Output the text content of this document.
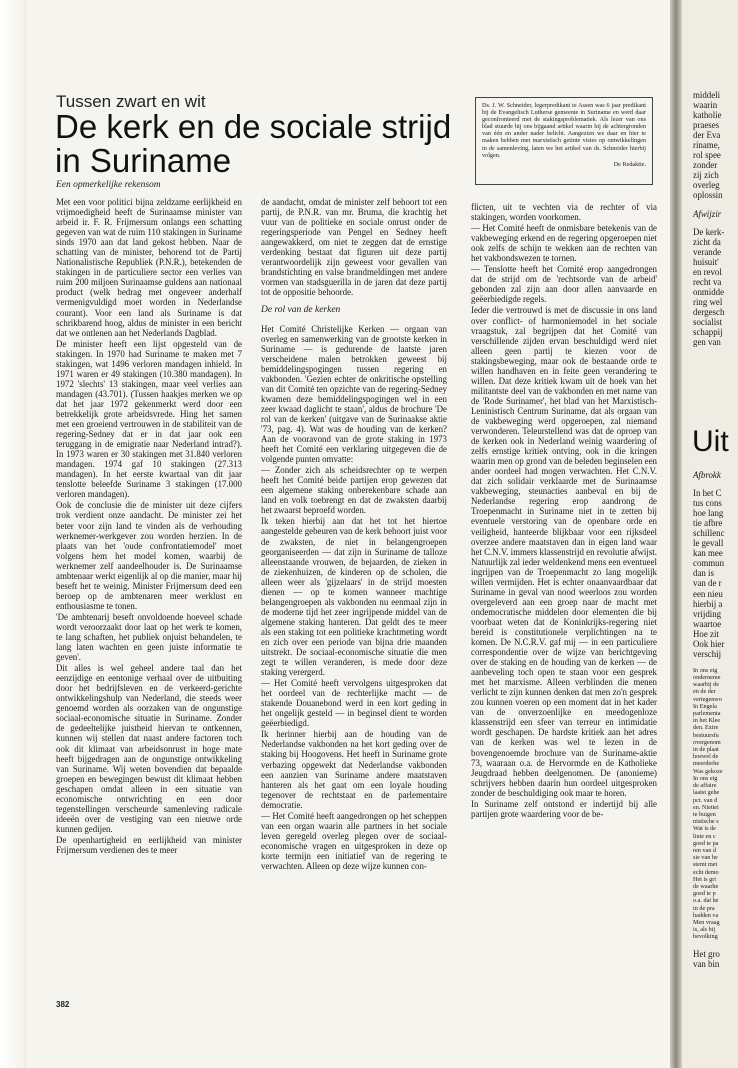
Tussen zwart en wit
De kerk en de sociale strijd
in Suriname
Een opmerkelijke rekensom
Ds. J. W. Schneider, legerpredikant te Assen was 6 jaar predikant bij de Evangelisch Lutherse gemeente in Suriname en werd daar geconfronteerd met de stakingsproblematiek. Als lezer van ons blad stuurde hij ons bijgaand artikel waarin hij de achtergronden van één en ander nader belicht. Aangezien we daar en hier te maken hebben met marxistisch getinte visies op ontwikkelingen in de samenleving, laten we het artikel van ds. Schneider hierbij volgen.
De Redaktie.

Met een voor politici bijna zeldzame eerlijkheid en vrijmoedigheid heeft de Surinaamse minister van arbeid ir. F. R. Frijmersum onlangs een schatting gegeven van wat de ruim 110 stakingen in Suriname sinds 1970 aan dat land gekost hebben. Naar de schatting van de minister, behorend tot de Partij Nationalistische Republiek (P.N.R.), betekenden de stakingen in de particuliere sector een verlies van ruim 200 miljoen Surinaamse guldens aan nationaal product (welk bedrag met ongeveer anderhalf vermenigvuldigd moet worden in Nederlandse courant). Voor een land als Suriname is dat schrikbarend hoog, aldus de minister in een bericht dat we ontlenen aan het Nederlands Dagblad.

De minister heeft een lijst opgesteld van de stakingen. In 1970 had Suriname te maken met 7 stakingen, wat 1496 verloren mandagen inhield. In 1971 waren er 49 stakingen (10.380 mandagen). In 1972 'slechts' 13 stakingen, maar veel verlies aan mandagen (43.701). (Tussen haakjes merken we op dat het jaar 1972 gekenmerkt werd door een betrekkelijk grote arbeidsvrede. Hing het samen met een groeiend vertrouwen in de stabiliteit van de regering-Sedney dat er in dat jaar ook een teruggang in de emigratie naar Nederland intrad?). In 1973 waren er 30 stakingen met 31.840 verloren mandagen. 1974 gaf 10 stakingen (27.313 mandagen). In het eerste kwartaal van dit jaar tenslotte beleefde Suriname 3 stakingen (17.000 verloren mandagen).

Ook de conclusie die de minister uit deze cijfers trok verdient onze aandacht. De minister zei het beter voor zijn land te vinden als de verhouding werknemer-werkgever zou worden herzien. In de plaats van het 'oude confrontatiemodel' moet volgens hem het model komen, waarbij de werknemer zelf aandeelhouder is. De Surinaamse ambtenaar werkt eigenlijk al op die manier, maar hij beseft het te weinig. Minister Frijmersum deed een beroep op de ambtenaren meer werklust en enthousiasme te tonen.

'De ambtenarij beseft onvoldoende hoeveel schade wordt veroorzaakt door laat op het werk te komen, te lang schaften, het publiek onjuist behandelen, te lang laten wachten en geen juiste informatie te geven'.

Dit alles is wel geheel andere taal dan het eenzijdige en eentonige verhaal over de uitbuiting door het bedrijfsleven en de verkeerd-gerichte ontwikkelingshulp van Nederland, die steeds weer genoemd worden als oorzaken van de ongunstige sociaal-economische situatie in Suriname. Zonder de gedeeltelijke juistheid hiervan te ontkennen, kunnen wij stellen dat naast andere factoren toch ook dit klimaat van arbeidsonrust in hoge mate heeft bijgedragen aan de ongunstige ontwikkeling van Suriname. Wij weten bovendien dat bepaalde groepen en bewegingen bewust dit klimaat hebben geschapen omdat alleen in een situatie van economische ontwrichting en een door tegenstellingen verscheurde samenleving radicale ideeën over de vestiging van een nieuwe orde kunnen gedijen.

De openhartigheid en eerlijkheid van minister Frijmersum verdienen des te meer

de aandacht, omdat de minister zelf behoort tot een partij, de P.N.R. van mr. Bruma, die krachtig het vuur van de politieke en sociale onrust onder de regeringsperiode van Pengel en Sedney heeft aangewakkerd, om niet te zeggen dat de ernstige verdenking bestaat dat figuren uit deze partij verantwoordelijk zijn geweest voor gevallen van brandstichting en valse brandmeldingen met andere vormen van stadsguerilla in de jaren dat deze partij tot de oppositie behoorde.

De rol van de kerken

Het Comité Christelijke Kerken — orgaan van overleg en samenwerking van de grootste kerken in Suriname — is gedurende de laatste jaren verscheidene malen betrokken geweest bij bemiddelingspogingen tussen regering en vakbonden. 'Gezien echter de onkritische opstelling van dit Comité ten opzichte van de regering-Sedney kwamen deze bemiddelingspogingen wel in een zeer kwaad daglicht te staan', aldus de brochure 'De rol van de kerken' (uitgave van de Surinaakse aktie '73, pag. 4). Wat was de houding van de kerken? Aan de vooravond van de grote staking in 1973 heeft het Comité een verklaring uitgegeven die de volgende punten omvatte:

— Zonder zich als scheidsrechter op te werpen heeft het Comité beide partijen erop gewezen dat een algemene staking onberekenbare schade aan land en volk toebrengt en dat de zwaksten daarbij het zwaarst beproefd worden.

Ik teken hierbij aan dat het tot het hiertoe aangestelde gebeuren van de kerk behoort juist voor de zwaksten, de niet in belangengroepen georganiseerden — dat zijn in Suriname de talloze alleenstaande vrouwen, de bejaarden, de zieken in de ziekenhuizen, de kinderen op de scholen, die alleen weer als 'gijzelaars' in de strijd moesten dienen — op te komen wanneer machtige belangengroepen als vakbonden nu eenmaal zijn in de moderne tijd het zeer ingrijpende middel van de algemene staking hanteren. Dat geldt des te meer als een staking tot een politieke krachtmeting wordt en zich over een periode van bijna drie maanden uitstrekt. De sociaal-economische situatie die men zegt te willen veranderen, is mede door deze staking verergerd.

— Het Comité heeft vervolgens uitgesproken dat het oordeel van de rechterlijke macht — de stakende Douanebond werd in een kort geding in het ongelijk gesteld — in beginsel dient te worden geëerbiedigd.

Ik herinner hierbij aan de houding van de Nederlandse vakbonden na het kort geding over de staking bij Hoogovens. Het heeft in Suriname grote verbazing opgewekt dat Nederlandse vakbonden een aanzien van Suriname andere maatstaven hanteren als het gaat om een loyale houding tegenover de rechtstaat en de parlementaire democratie.

— Het Comité heeft aangedrongen op het scheppen van een organ waarin alle partners in het sociale leven geregeld overleg plegen over de sociaal-economische vragen en uitgesproken in deze op korte termijn een initiatief van de regering te verwachten. Alleen op deze wijze kunnen con-

flicten, uit te vechten via de rechter of via stakingen, worden voorkomen.

— Het Comité heeft de onmisbare betekenis van de vakbeweging erkend en de regering opgeroepen niet ook zelfs de schijn te wekken aan de rechten van het vakbondswezen te tornen.

— Tenslotte heeft het Comité erop aangedrongen dat de strijd om de 'rechtsorde van de arbeid' gebonden zal zijn aan door allen aanvaarde en geëerbiedigde regels.

Ieder die vertrouwd is met de discussie in ons land over conflict- of harmoniemodel in het sociale vraagstuk, zal begrijpen dat het Comité van verschillende zijden ervan beschuldigd werd niet alleen geen partij te kiezen voor de stakingsbeweging, maar ook de bestaande orde te willen handhaven en in feite geen verandering te willen. Dat deze kritiek kwam uit de hoek van het militantste deel van de vakbonden en met name van de 'Rode Surinamer', het blad van het Marxistisch-Leninistisch Centrum Suriname, dat als orgaan van de vakbeweging werd opgeroepen, zal niemand verwonderen. Teleurstellend was dat de oproep van de kerken ook in Nederland weinig waardering of zelfs ernstige kritiek ontving, ook in die kringen waarin men op grond van de beleden beginselen een ander oordeel had mogen verwachten. Het C.N.V. dat zich solidair verklaarde met de Surinaamse vakbeweging, steunacties aanbeval en bij de Nederlandse regering erop aandrong de Troepenmacht in Suriname niet in te zetten bij eventuele verstoring van de openbare orde en veiligheid, hanteerde blijkbaar voor een rijksdeel overzee andere maatstaven dan in eigen land waar het C.N.V. immers klassenstrijd en revolutie afwijst. Natuurlijk zal ieder weldenkend mens een eventueel ingrijpen van de Troepenmacht zo lang mogelijk willen vermijden. Het is echter onaanvaardbaar dat Suriname in geval van nood weerloos zou worden overgeleverd aan een groep naar de macht met ondemocratische middelen door elementen die bij voorbaat weten dat de Koninkrijks-regering niet bereid is constitutionele verplichtingen na te komen. De N.C.R.V. gaf mij — in een particuliere correspondentie over de wijze van berichtgeving over de staking en de houding van de kerken — de aanbeveling toch open te staan voor een gesprek met het marxisme. Alleen verblinden die menen verlicht te zijn kunnen denken dat men zo'n gesprek zou kunnen voeren op een moment dat in het kader van de onverzoenlijke en meedogenloze klassenstrijd een sfeer van terreur en intimidatie wordt geschapen. De hardste kritiek aan het adres van de kerken was wel te lezen in de bovengenoemde brochure van de Suriname-aktie 73, waaraan o.a. de Hervormde en de Katholieke Jeugdraad hebben deelgenomen. De (anonieme) schrijvers hebben daarin hun oordeel uitgesproken zonder de beschuldiging ook maar te horen.

In Suriname zelf ontstond er indertijd bij alle partijen grote waardering voor de be-

382
middeli
waarin
katholie
praeses
der Eva
riname,
rol spee
zonder
zij zich
overleg
oplossin
Afwijzir
De kerk-
zicht da
verande
huisuit'
en revol
recht va
onmidde
ring wel
dergesch
socialist
schappij
gen van
Uit
Afbrokk
In het C
tus cons
hoe lang
tie afbre
schillenc
le gevall
kan mee
commun
dan is
van de r
een nieu
hierbij a
vrijding
waartoe
Hoe zit
Ook hier
verschij
In ons eig
onderneme
waarbij de
en de der
vertegenwo
In Engela
parlementa
in het Klee
den. Extre
bestuursfu
overgenom
in de plaat
hoewel de
meerderhe
Was gekoze
In ons eig
de affaire
laatst gehe
pct. van d
en. Niettei
te buigen
nistische s
Wat is de
linie en c
goed te pa
ren van d
sie van he
stemt met
echt demo
Het is gri
de waarhe
goed te p
o.a. dat he
in de pra
hadden va
Men vraag
is, als bij
bevolking
Het gro
van bin
